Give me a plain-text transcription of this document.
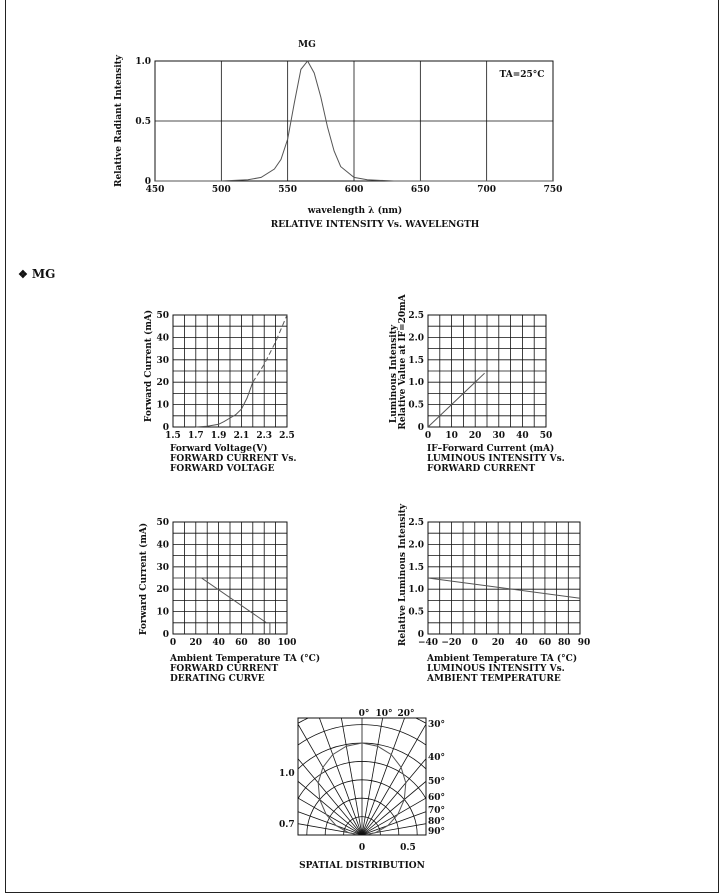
❖ MG
MG
TA=25°C
wavelength λ (nm)
RELATIVE INTENSITY Vs. WAVELENGTH
Relative Radiant Intensity
Forward Current (mA)
Forward Voltage(V)
FORWARD CURRENT Vs.
FORWARD VOLTAGE
Luminous Intensity Relative Value at IF=20mA
IF–Forward Current (mA)
LUMINOUS INTENSITY Vs.
FORWARD CURRENT
Forward Current (mA)
Ambient Temperature TA (°C)
FORWARD CURRENT
DERATING CURVE
Relative Luminous Intensity
Ambient Temperature TA (°C)
LUMINOUS INTENSITY Vs.
AMBIENT TEMPERATURE
0° 10° 20°
30°
40°
50°
60°
70°
80°
90°
1.0
0.7
0	0.5
SPATIAL DISTRIBUTION
450	500	550	600	650	700	750
0
0.5
1.0
1.5 1.7 1.9 2.1 2.3 2.5
0
10
20
30
40
50
0 10 20 30 40 50
0
0.5
1.0
1.5
2.0
2.5
0 20 40 60 80 100
0
10
20
30
40
50
−40 −20 0 20 40 60 80 90
0
0.5
1.0
1.5
2.0
2.5
